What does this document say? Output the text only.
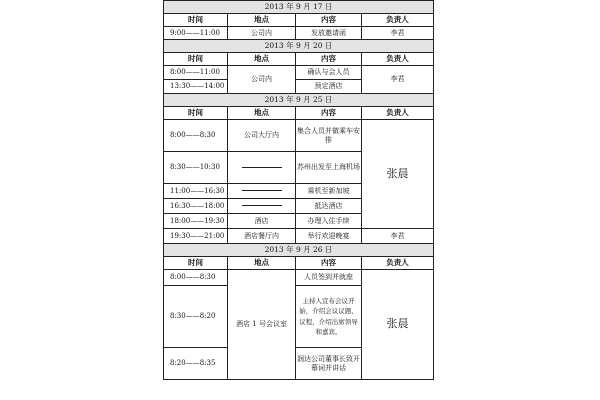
2013 年 9 月 17 日			
时间	地点	内容	负责人
9:00——11:00	公司内	发放邀请函	李君
2013 年 9 月 20 日			
时间	地点	内容	负责人
8:00——11:00	公司内	确认与会人员	李君
13:30——14:00		预定酒店	
2013 年 9 月 25 日			
时间	地点	内容	负责人
8:00——8:30	公司大厅内	集合人员并做乘车安排	张晨
8:30——10:30		苏州出发至上海机场	
11:00——16:30		乘机至新加坡	
16:30——18:00		抵达酒店	
18:00——19:30	酒店	办理入住手续	
19:30——21:00	酒店餐厅内	举行欢迎晚宴	李君
2013 年 9 月 26 日			
时间	地点	内容	负责人
8:00——8:30	酒店 1 号会议室	人员签到并就座	张晨
8:30——8:20		主持人宣布会议开始，介绍会议议题、议程，介绍出席领导和嘉宾。	
8:20——8:35		润达公司董事长致开幕词并讲话	
